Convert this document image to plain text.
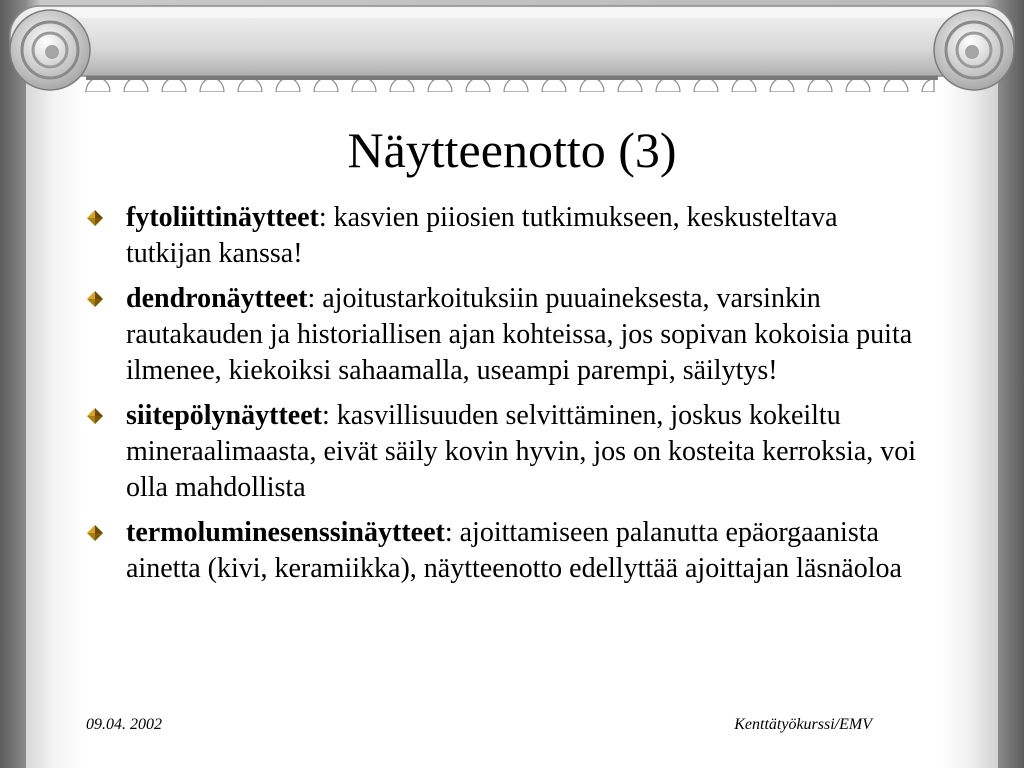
Näytteenotto (3)
fytoliittinäytteet: kasvien piiosien tutkimukseen, keskusteltava tutkijan kanssa!
dendronäytteet: ajoitustarkoituksiin puuaineksesta, varsinkin rautakauden ja historiallisen ajan kohteissa, jos sopivan kokoisia puita ilmenee, kiekoiksi sahaamalla, useampi parempi, säilytys!
siitepölynäytteet: kasvillisuuden selvittäminen, joskus kokeiltu mineraalimaasta, eivät säily kovin hyvin, jos on kosteita kerroksia, voi olla mahdollista
termoluminesenssinäytteet: ajoittamiseen palanutta epäorgaanista ainetta (kivi, keramiikka), näytteenotto edellyttää ajoittajan läsnäoloa
09.04. 2002	Kenttätyökurssi/EMV
